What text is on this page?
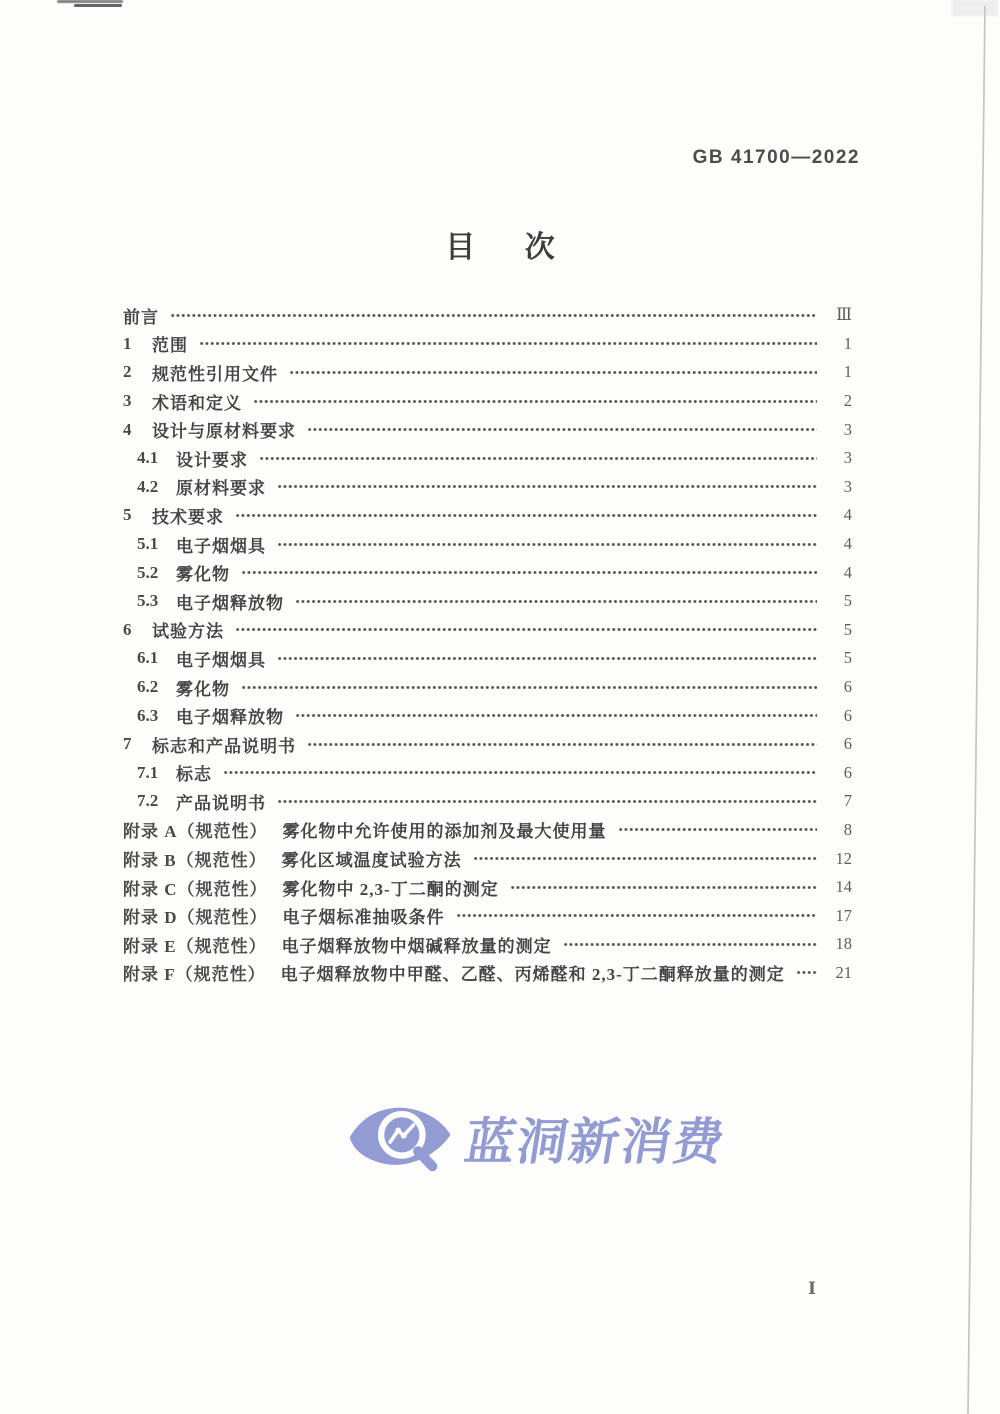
GB 41700—2022
目 次
前言	Ⅲ
1	范围	1
2	规范性引用文件	1
3	术语和定义	2
4	设计与原材料要求	3
4.1	设计要求	3
4.2	原材料要求	3
5	技术要求	4
5.1	电子烟烟具	4
5.2	雾化物	4
5.3	电子烟释放物	5
6	试验方法	5
6.1	电子烟烟具	5
6.2	雾化物	6
6.3	电子烟释放物	6
7	标志和产品说明书	6
7.1	标志	6
7.2	产品说明书	7
附录 A（规范性） 雾化物中允许使用的添加剂及最大使用量	8
附录 B（规范性） 雾化区域温度试验方法	12
附录 C（规范性） 雾化物中 2,3-丁二酮的测定	14
附录 D（规范性） 电子烟标准抽吸条件	17
附录 E（规范性） 电子烟释放物中烟碱释放量的测定	18
附录 F（规范性） 电子烟释放物中甲醛、乙醛、丙烯醛和 2,3-丁二酮释放量的测定	21
蓝洞新消费
Ⅰ
